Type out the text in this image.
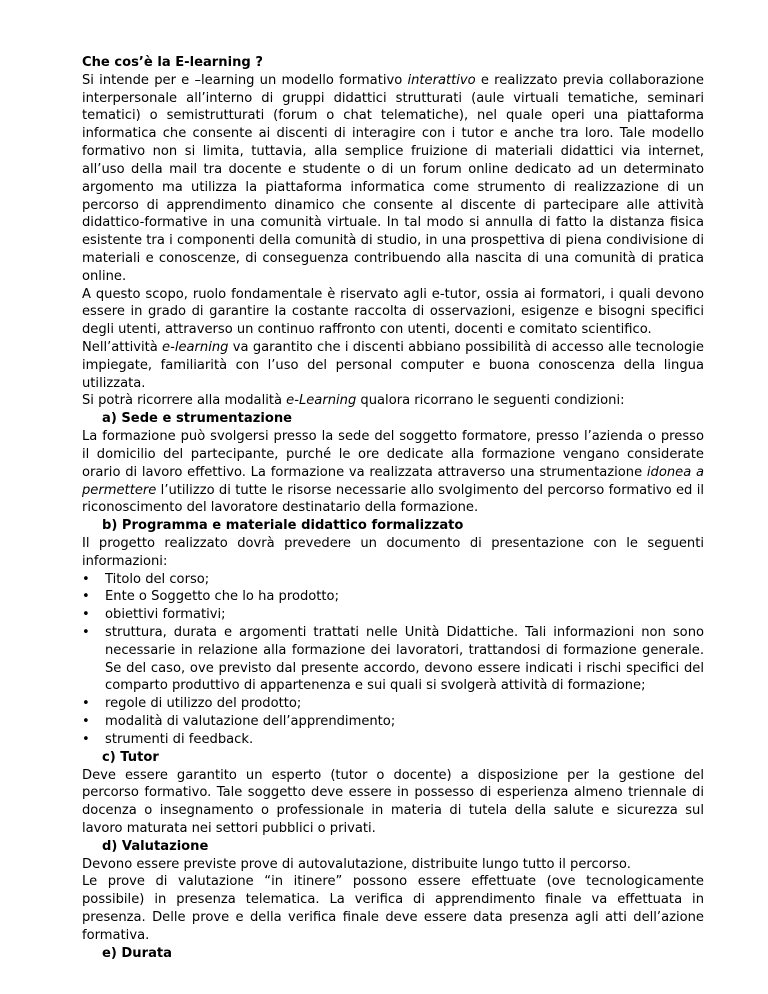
Che cos’è la E-learning ?
Si intende per e –learning un modello formativo interattivo e realizzato previa collaborazione
interpersonale all’interno di gruppi didattici strutturati (aule virtuali tematiche, seminari
tematici) o semistrutturati (forum o chat telematiche), nel quale operi una piattaforma
informatica che consente ai discenti di interagire con i tutor e anche tra loro. Tale modello
formativo non si limita, tuttavia, alla semplice fruizione di materiali didattici via internet,
all’uso della mail tra docente e studente o di un forum online dedicato ad un determinato
argomento ma utilizza la piattaforma informatica come strumento di realizzazione di un
percorso di apprendimento dinamico che consente al discente di partecipare alle attività
didattico-formative in una comunità virtuale. In tal modo si annulla di fatto la distanza fisica
esistente tra i componenti della comunità di studio, in una prospettiva di piena condivisione di
materiali e conoscenze, di conseguenza contribuendo alla nascita di una comunità di pratica
online.
A questo scopo, ruolo fondamentale è riservato agli e-tutor, ossia ai formatori, i quali devono
essere in grado di garantire la costante raccolta di osservazioni, esigenze e bisogni specifici
degli utenti, attraverso un continuo raffronto con utenti, docenti e comitato scientifico.
Nell’attività e-learning va garantito che i discenti abbiano possibilità di accesso alle tecnologie
impiegate, familiarità con l’uso del personal computer e buona conoscenza della lingua
utilizzata.
Si potrà ricorrere alla modalità e-Learning qualora ricorrano le seguenti condizioni:
a) Sede e strumentazione
La formazione può svolgersi presso la sede del soggetto formatore, presso l’azienda o presso
il domicilio del partecipante, purché le ore dedicate alla formazione vengano considerate
orario di lavoro effettivo. La formazione va realizzata attraverso una strumentazione idonea a
permettere l’utilizzo di tutte le risorse necessarie allo svolgimento del percorso formativo ed il
riconoscimento del lavoratore destinatario della formazione.
b) Programma e materiale didattico formalizzato
Il progetto realizzato dovrà prevedere un documento di presentazione con le seguenti
informazioni:
•	Titolo del corso;
•	Ente o Soggetto che lo ha prodotto;
•	obiettivi formativi;
•	struttura, durata e argomenti trattati nelle Unità Didattiche. Tali informazioni non sono
necessarie in relazione alla formazione dei lavoratori, trattandosi di formazione generale.
Se del caso, ove previsto dal presente accordo, devono essere indicati i rischi specifici del
comparto produttivo di appartenenza e sui quali si svolgerà attività di formazione;
•	regole di utilizzo del prodotto;
•	modalità di valutazione dell’apprendimento;
•	strumenti di feedback.
c) Tutor
Deve essere garantito un esperto (tutor o docente) a disposizione per la gestione del
percorso formativo. Tale soggetto deve essere in possesso di esperienza almeno triennale di
docenza o insegnamento o professionale in materia di tutela della salute e sicurezza sul
lavoro maturata nei settori pubblici o privati.
d) Valutazione
Devono essere previste prove di autovalutazione, distribuite lungo tutto il percorso.
Le prove di valutazione “in itinere” possono essere effettuate (ove tecnologicamente
possibile) in presenza telematica. La verifica di apprendimento finale va effettuata in
presenza. Delle prove e della verifica finale deve essere data presenza agli atti dell’azione
formativa.
e) Durata
